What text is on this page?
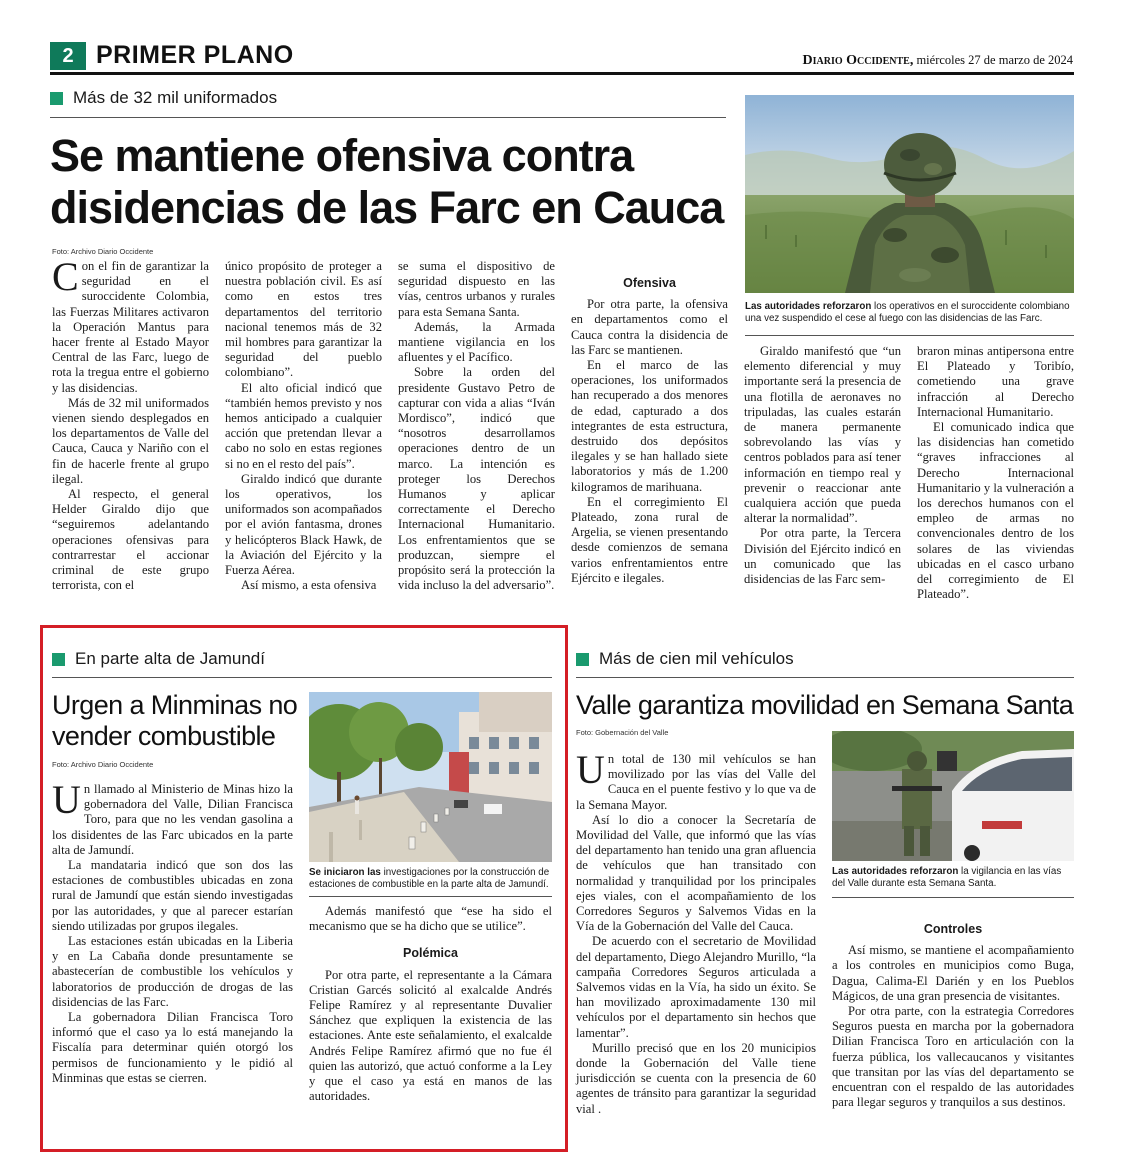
2 PRIMER PLANO	Diario Occidente, miércoles 27 de marzo de 2024
Más de 32 mil uniformados
Se mantiene ofensiva contra disidencias de las Farc en Cauca
Foto: Archivo Diario Occidente
Las autoridades reforzaron los operativos en el suroccidente colombiano una vez suspendido el cese al fuego con las disidencias de las Farc.

Con el fin de garantizar la seguridad en el suroccidente Colombia, las Fuerzas Militares activaron la Operación Mantus para hacer frente al Estado Mayor Central de las Farc, luego de rota la tregua entre el gobierno y las disidencias.

Más de 32 mil uniformados vienen siendo desplegados en los departamentos de Valle del Cauca, Cauca y Nariño con el fin de hacerle frente al grupo ilegal.

Al respecto, el general Helder Giraldo dijo que “seguiremos adelantando operaciones ofensivas para contrarrestar el accionar criminal de este grupo terrorista, con el

único propósito de proteger a nuestra población civil. Es así como en estos tres departamentos del territorio nacional tenemos más de 32 mil hombres para garantizar la seguridad del pueblo colombiano”.

El alto oficial indicó que “también hemos previsto y nos hemos anticipado a cualquier acción que pretendan llevar a cabo no solo en estas regiones si no en el resto del país”.

Giraldo indicó que durante los operativos, los uniformados son acompañados por el avión fantasma, drones y helicópteros Black Hawk, de la Aviación del Ejército y la Fuerza Aérea.

Así mismo, a esta ofensiva

se suma el dispositivo de seguridad dispuesto en las vías, centros urbanos y rurales para esta Semana Santa.

Además, la Armada mantiene vigilancia en los afluentes y el Pacífico.

Sobre la orden del presidente Gustavo Petro de capturar con vida a alias “Iván Mordisco”, indicó que “nosotros desarrollamos operaciones dentro de un marco. La intención es proteger los Derechos Humanos y aplicar correctamente el Derecho Internacional Humanitario. Los enfrentamientos que se produzcan, siempre el propósito será la protección la vida incluso la del adversario”.

Ofensiva

Por otra parte, la ofensiva en departamentos como el Cauca contra la disidencia de las Farc se mantienen.

En el marco de las operaciones, los uniformados han recuperado a dos menores de edad, capturado a dos integrantes de esta estructura, destruido dos depósitos ilegales y se han hallado siete laboratorios y más de 1.200 kilogramos de marihuana.

En el corregimiento El Plateado, zona rural de Argelia, se vienen presentando desde comienzos de semana varios enfrentamientos entre Ejército e ilegales.

Giraldo manifestó que “un elemento diferencial y muy importante será la presencia de una flotilla de aeronaves no tripuladas, las cuales estarán de manera permanente sobrevolando las vías y centros poblados para así tener información en tiempo real y prevenir o reaccionar ante cualquiera acción que pueda alterar la normalidad”.

Por otra parte, la Tercera División del Ejército indicó en un comunicado que las disidencias de las Farc sem-

braron minas antipersona entre El Plateado y Toribío, cometiendo una grave infracción al Derecho Internacional Humanitario.

El comunicado indica que las disidencias han cometido “graves infracciones al Derecho Internacional Humanitario y la vulneración a los derechos humanos con el empleo de armas no convencionales dentro de los solares de las viviendas ubicadas en el casco urbano del corregimiento de El Plateado”.

En parte alta de Jamundí
Urgen a Minminas no vender combustible
Foto: Archivo Diario Occidente
Se iniciaron las investigaciones por la construcción de estaciones de combustible en la parte alta de Jamundí.

Un llamado al Ministerio de Minas hizo la gobernadora del Valle, Dilian Francisca Toro, para que no les vendan gasolina a los disidentes de las Farc ubicados en la parte alta de Jamundí.

La mandataria indicó que son dos las estaciones de combustibles ubicadas en zona rural de Jamundí que están siendo investigadas por las autoridades, y que al parecer estarían siendo utilizadas por grupos ilegales.

Las estaciones están ubicadas en la Liberia y en La Cabaña donde presuntamente se abastecerían de combustible los vehículos y laboratorios de producción de drogas de las disidencias de las Farc.

La gobernadora Dilian Francisca Toro informó que el caso ya lo está manejando la Fiscalía para determinar quién otorgó los permisos de funcionamiento y le pidió al Minminas que estas se cierren.

Además manifestó que “ese ha sido el mecanismo que se ha dicho que se utilice”.

Polémica

Por otra parte, el representante a la Cámara Cristian Garcés solicitó al exalcalde Andrés Felipe Ramírez y al representante Duvalier Sánchez que expliquen la existencia de las estaciones. Ante este señalamiento, el exalcalde Andrés Felipe Ramírez afirmó que no fue él quien las autorizó, que actuó conforme a la Ley y que el caso ya está en manos de las autoridades.

Más de cien mil vehículos
Valle garantiza movilidad en Semana Santa
Foto: Gobernación del Valle
Las autoridades reforzaron la vigilancia en las vías del Valle durante esta Semana Santa.

Un total de 130 mil vehículos se han movilizado por las vías del Valle del Cauca en el puente festivo y lo que va de la Semana Mayor.

Así lo dio a conocer la Secretaría de Movilidad del Valle, que informó que las vías del departamento han tenido una gran afluencia de vehículos que han transitado con normalidad y tranquilidad por los principales ejes viales, con el acompañamiento de los Corredores Seguros y Salvemos Vidas en la Vía de la Gobernación del Valle del Cauca.

De acuerdo con el secretario de Movilidad del departamento, Diego Alejandro Murillo, “la campaña Corredores Seguros articulada a Salvemos vidas en la Vía, ha sido un éxito. Se han movilizado aproximadamente 130 mil vehículos por el departamento sin hechos que lamentar”.

Murillo precisó que en los 20 municipios donde la Gobernación del Valle tiene jurisdicción se cuenta con la presencia de 60 agentes de tránsito para garantizar la seguridad vial .

Controles

Así mismo, se mantiene el acompañamiento a los controles en municipios como Buga, Dagua, Calima-El Darién y en los Pueblos Mágicos, de una gran presencia de visitantes.

Por otra parte, con la estrategia Corredores Seguros puesta en marcha por la gobernadora Dilian Francisca Toro en articulación con la fuerza pública, los vallecaucanos y visitantes que transitan por las vías del departamento se encuentran con el respaldo de las autoridades para llegar seguros y tranquilos a sus destinos.
